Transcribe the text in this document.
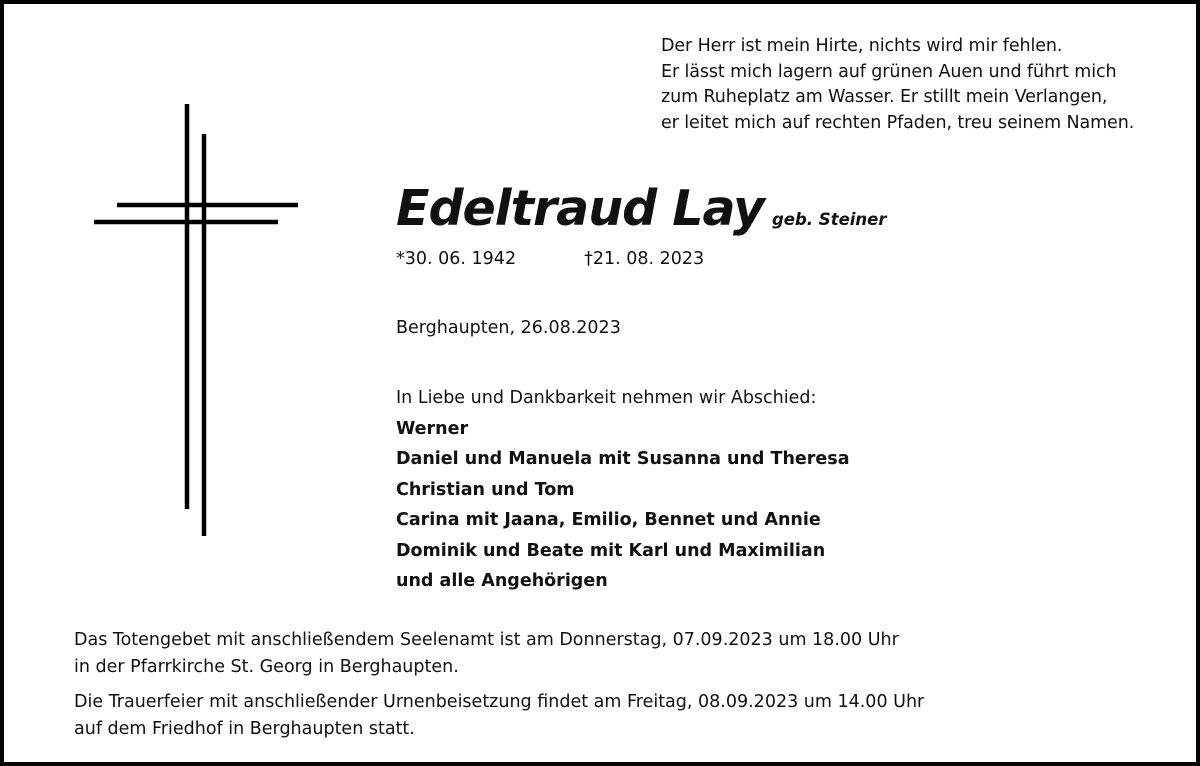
Der Herr ist mein Hirte, nichts wird mir fehlen.
Er lässt mich lagern auf grünen Auen und führt mich
zum Ruheplatz am Wasser. Er stillt mein Verlangen,
er leitet mich auf rechten Pfaden, treu seinem Namen.
Edeltraud Lay geb. Steiner
*30. 06. 1942	†21. 08. 2023
Berghaupten, 26.08.2023
In Liebe und Dankbarkeit nehmen wir Abschied:
Werner
Daniel und Manuela mit Susanna und Theresa
Christian und Tom
Carina mit Jaana, Emilio, Bennet und Annie
Dominik und Beate mit Karl und Maximilian
und alle Angehörigen
Das Totengebet mit anschließendem Seelenamt ist am Donnerstag, 07.09.2023 um 18.00 Uhr
in der Pfarrkirche St. Georg in Berghaupten.
Die Trauerfeier mit anschließender Urnenbeisetzung findet am Freitag, 08.09.2023 um 14.00 Uhr
auf dem Friedhof in Berghaupten statt.
